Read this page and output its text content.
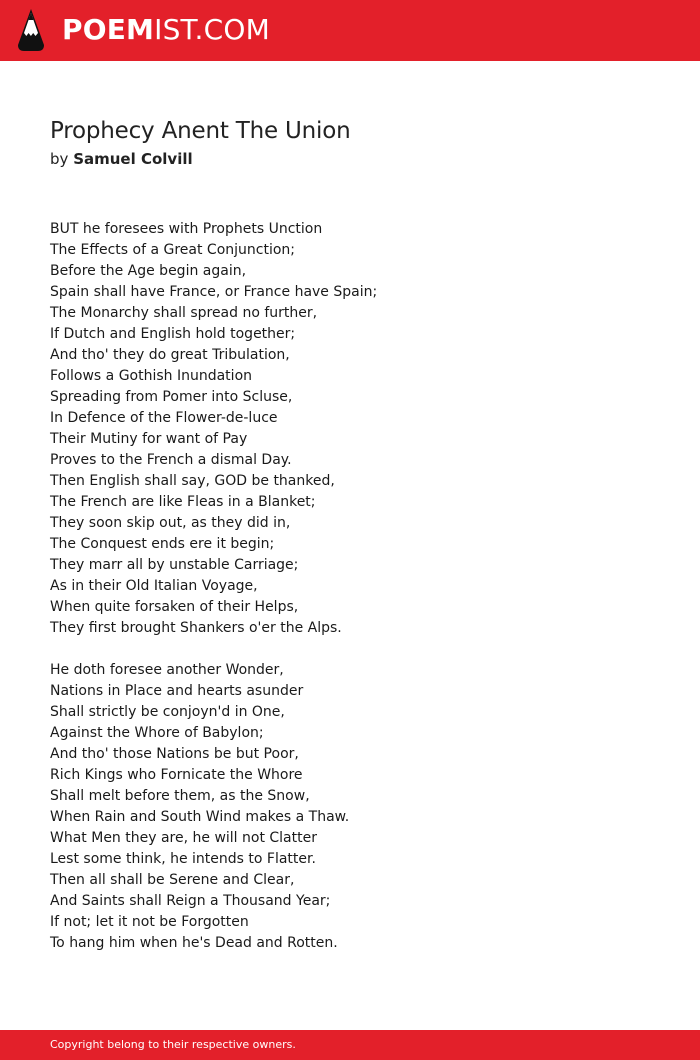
POEMIST.COM
Prophecy Anent The Union
by Samuel Colvill
BUT he foresees with Prophets Unction
The Effects of a Great Conjunction;
Before the Age begin again,
Spain shall have France, or France have Spain;
The Monarchy shall spread no further,
If Dutch and English hold together;
And tho' they do great Tribulation,
Follows a Gothish Inundation
Spreading from Pomer into Scluse,
In Defence of the Flower-de-luce
Their Mutiny for want of Pay
Proves to the French a dismal Day.
Then English shall say, GOD be thanked,
The French are like Fleas in a Blanket;
They soon skip out, as they did in,
The Conquest ends ere it begin;
They marr all by unstable Carriage;
As in their Old Italian Voyage,
When quite forsaken of their Helps,
They first brought Shankers o'er the Alps.
He doth foresee another Wonder,
Nations in Place and hearts asunder
Shall strictly be conjoyn'd in One,
Against the Whore of Babylon;
And tho' those Nations be but Poor,
Rich Kings who Fornicate the Whore
Shall melt before them, as the Snow,
When Rain and South Wind makes a Thaw.
What Men they are, he will not Clatter
Lest some think, he intends to Flatter.
Then all shall be Serene and Clear,
And Saints shall Reign a Thousand Year;
If not; let it not be Forgotten
To hang him when he's Dead and Rotten.
Copyright belong to their respective owners.
